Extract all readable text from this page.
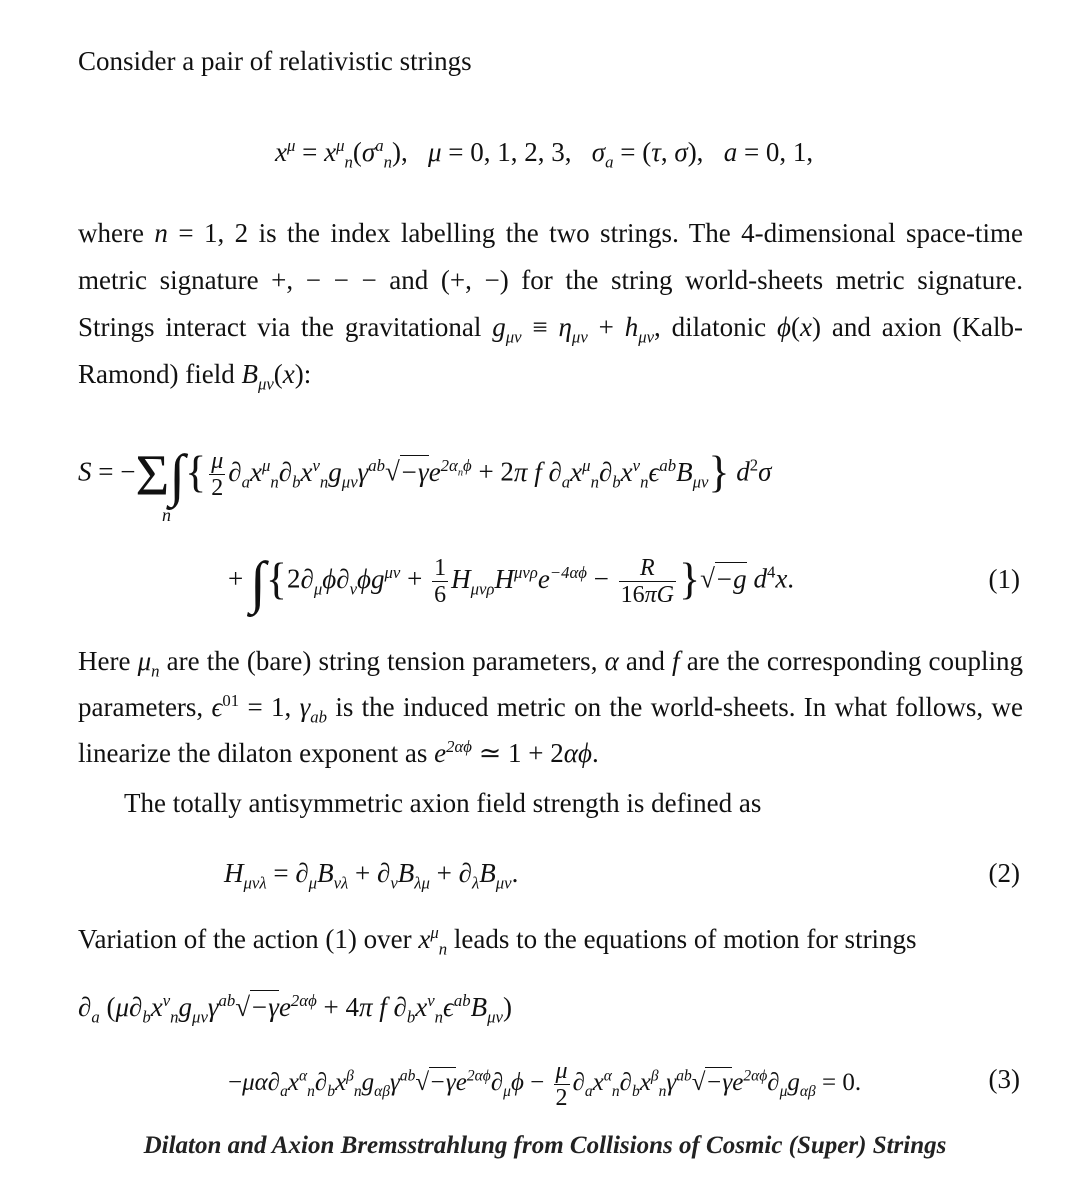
Consider a pair of relativistic strings
$x^\mu = x^\mu_n(\sigma^a_n)$,   μ = 0, 1, 2, 3,   $\sigma_a = (\tau$, σ),   a = 0, 1,
where n = 1, 2 is the index labelling the two strings. The 4-dimensional space-time
metric signature +, − − − and (+, −) for the string world-sheets metric signature.
Strings interact via the gravitational $g_{\mu\nu} \equiv \eta_{\mu\nu} + h_{\mu\nu}$, dilatonic ϕ(x) and axion (Kalb-
Ramond) field $B_{\mu\nu}(x)$:
$S = -\Sigma\int\{ \frac{\mu}{2} \partial_ax^\mu_n\partial_bx^\nu_ng_{\mu\nu}\gamma^{ab}√-\gamma e^{2\alpha_n\phi} + 2\pi$ f $\partial_ax^\mu_n\partial_bx^\nu_n\epsilon^{ab}B_{\mu\nu}$} $d^2\sigma$
n
+ $\int\{2\partial_\mu\phi\partial_\nu\phi g^{\mu\nu} + \frac{1}{6} H_{\mu\nu\rho}H^{\mu\nu\rho}e^{-4\alpha\phi} - \frac{R}{16\pi G} \}√-g$ $d^4x$.	(1)
Here $\mu_n$ are the (bare) string tension parameters, α and f are the corresponding coupling
parameters, $\epsilon^{01} = 1$, $\gamma_{ab}$ is the induced metric on the world-sheets. In what follows, we
linearize the dilaton exponent as $e^{2\alpha\phi}$ ≃ 1 + 2αϕ.
The totally antisymmetric axion field strength is defined as
$H_{\mu\nu\lambda} = \partial_\mu B_{\nu\lambda} + \partial_\nu B_{\lambda\mu} + \partial_\lambda B_{\mu\nu}$.	(2)
Variation of the action (1) over $x^\mu_n$ leads to the equations of motion for strings
$\partial_a$ ($\mu\partial_bx^\nu_ng_{\mu\nu}\gamma^{ab}√-\gamma e^{2\alpha\phi} + 4\pi$ f $\partial_bx^\nu_n\epsilon^{ab}B_{\mu\nu}$)
$-\mu\alpha\partial_ax^\alpha_n\partial_bx^\beta_ng_{\alpha\beta}\gamma^{ab}√-\gamma e^{2\alpha\phi}\partial_\mu\phi - \frac{\mu}{2} \partial_ax^\alpha_n\partial_bx^\beta_n\gamma^{ab}√-\gamma e^{2\alpha\phi}\partial_\mu g_{\alpha\beta} = 0$.	(3)
Dilaton and Axion Bremsstrahlung from Collisions of Cosmic (Super) Strings
